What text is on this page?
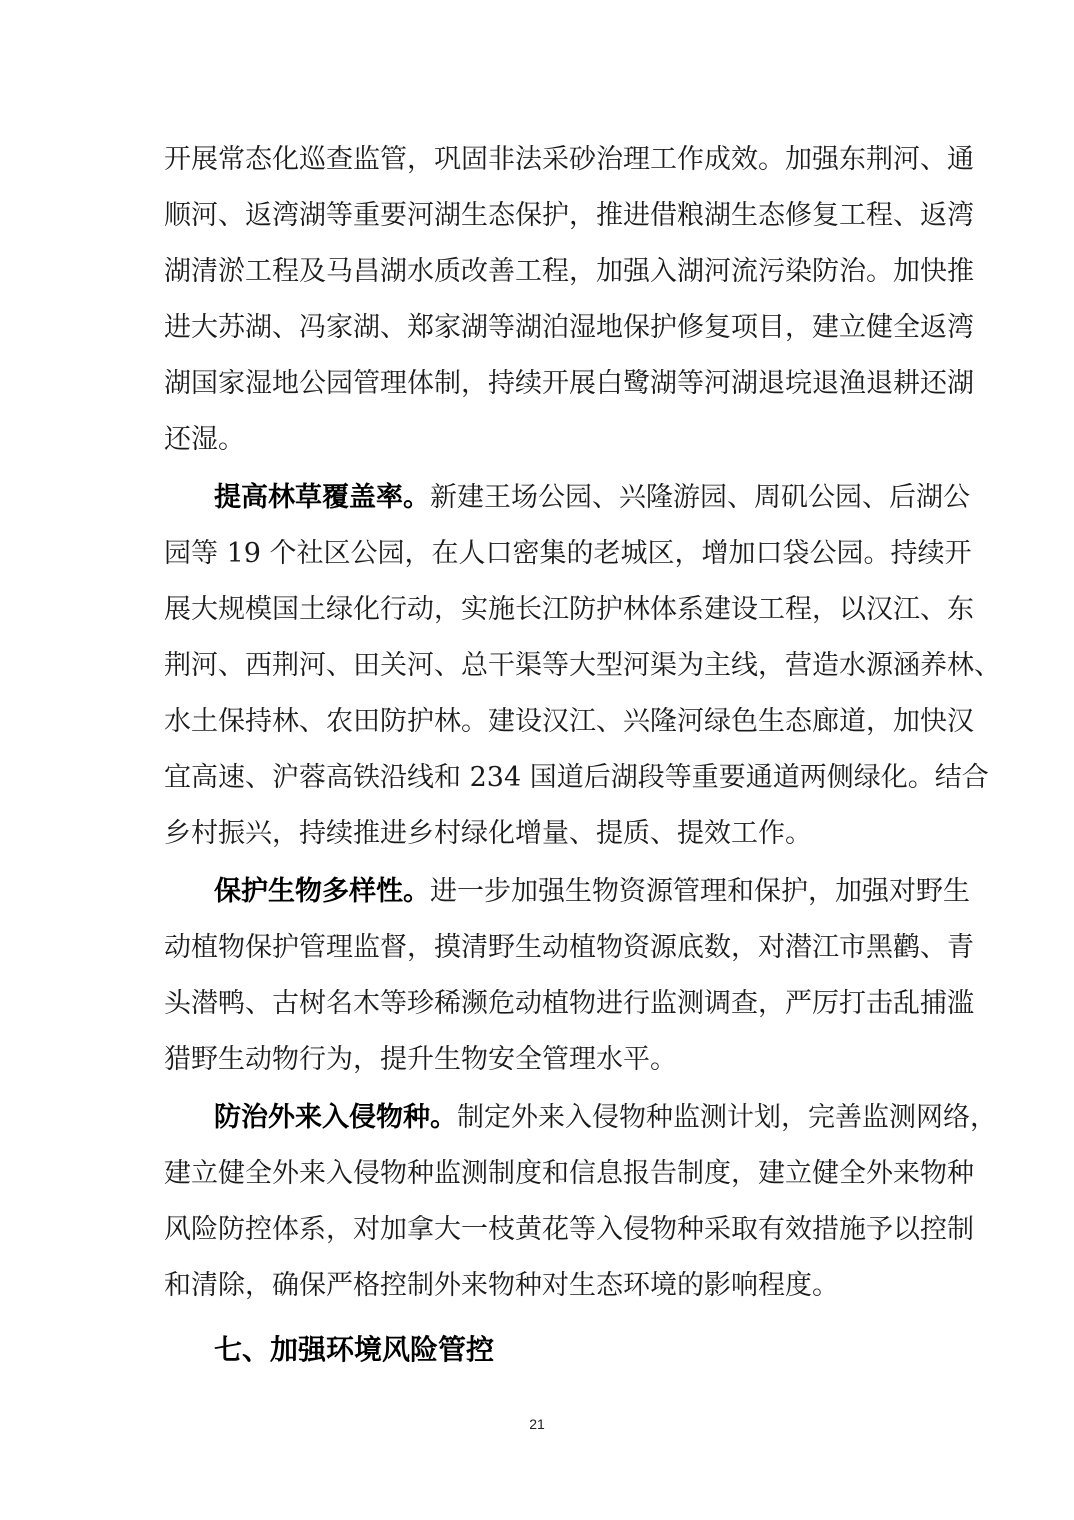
开展常态化巡查监管，巩固非法采砂治理工作成效。加强东荆河、通
顺河、返湾湖等重要河湖生态保护，推进借粮湖生态修复工程、返湾
湖清淤工程及马昌湖水质改善工程，加强入湖河流污染防治。加快推
进大苏湖、冯家湖、郑家湖等湖泊湿地保护修复项目，建立健全返湾
湖国家湿地公园管理体制，持续开展白鹭湖等河湖退垸退渔退耕还湖
还湿。
提高林草覆盖率。新建王场公园、兴隆游园、周矶公园、后湖公
园等 19 个社区公园，在人口密集的老城区，增加口袋公园。持续开
展大规模国土绿化行动，实施长江防护林体系建设工程，以汉江、东
荆河、西荆河、田关河、总干渠等大型河渠为主线，营造水源涵养林、
水土保持林、农田防护林。建设汉江、兴隆河绿色生态廊道，加快汉
宜高速、沪蓉高铁沿线和 234 国道后湖段等重要通道两侧绿化。结合
乡村振兴，持续推进乡村绿化增量、提质、提效工作。
保护生物多样性。进一步加强生物资源管理和保护，加强对野生
动植物保护管理监督，摸清野生动植物资源底数，对潜江市黑鹳、青
头潜鸭、古树名木等珍稀濒危动植物进行监测调查，严厉打击乱捕滥
猎野生动物行为，提升生物安全管理水平。
防治外来入侵物种。制定外来入侵物种监测计划，完善监测网络，
建立健全外来入侵物种监测制度和信息报告制度，建立健全外来物种
风险防控体系，对加拿大一枝黄花等入侵物种采取有效措施予以控制
和清除，确保严格控制外来物种对生态环境的影响程度。
七、加强环境风险管控
21
